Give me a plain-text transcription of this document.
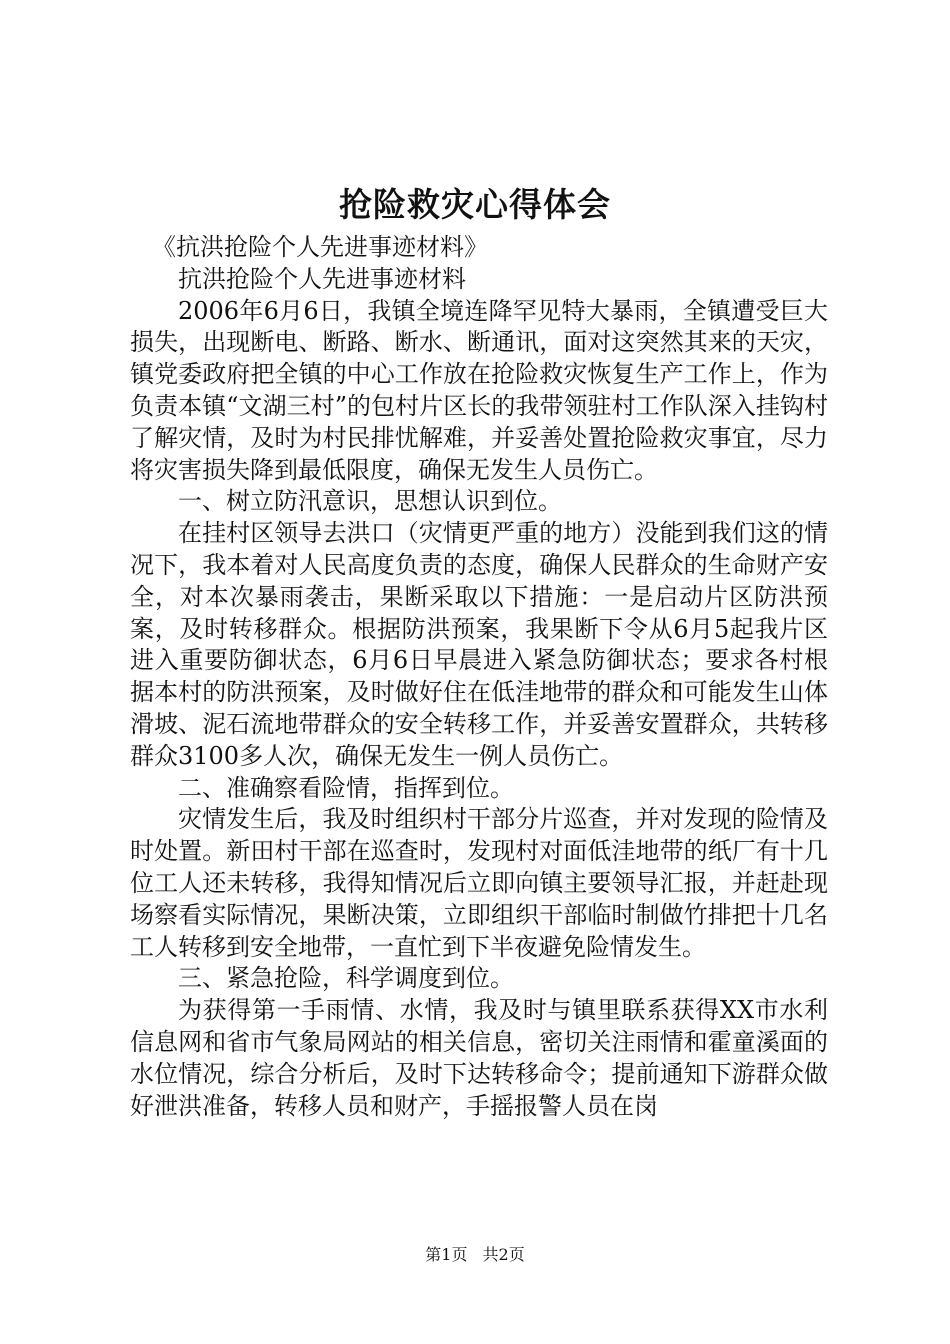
抢险救灾心得体会

《抗洪抢险个人先进事迹材料》

抗洪抢险个人先进事迹材料

2006年6月6日，我镇全境连降罕见特大暴雨，全镇遭受巨大损失，出现断电、断路、断水、断通讯，面对这突然其来的天灾，镇党委政府把全镇的中心工作放在抢险救灾恢复生产工作上，作为负责本镇“文湖三村”的包村片区长的我带领驻村工作队深入挂钩村了解灾情，及时为村民排忧解难，并妥善处置抢险救灾事宜，尽力将灾害损失降到最低限度，确保无发生人员伤亡。

一、树立防汛意识，思想认识到位。

在挂村区领导去洪口（灾情更严重的地方）没能到我们这的情况下，我本着对人民高度负责的态度，确保人民群众的生命财产安全，对本次暴雨袭击，果断采取以下措施：一是启动片区防洪预案，及时转移群众。根据防洪预案，我果断下令从6月5起我片区进入重要防御状态，6月6日早晨进入紧急防御状态；要求各村根据本村的防洪预案，及时做好住在低洼地带的群众和可能发生山体滑坡、泥石流地带群众的安全转移工作，并妥善安置群众，共转移群众3100多人次，确保无发生一例人员伤亡。

二、准确察看险情，指挥到位。

灾情发生后，我及时组织村干部分片巡查，并对发现的险情及时处置。新田村干部在巡查时，发现村对面低洼地带的纸厂有十几位工人还未转移，我得知情况后立即向镇主要领导汇报，并赶赴现场察看实际情况，果断决策，立即组织干部临时制做竹排把十几名工人转移到安全地带，一直忙到下半夜避免险情发生。

三、紧急抢险，科学调度到位。

为获得第一手雨情、水情，我及时与镇里联系获得XX市水利信息网和省市气象局网站的相关信息，密切关注雨情和霍童溪面的水位情况，综合分析后，及时下达转移命令；提前通知下游群众做好泄洪准备，转移人员和财产，手摇报警人员在岗

第1页 共2页
